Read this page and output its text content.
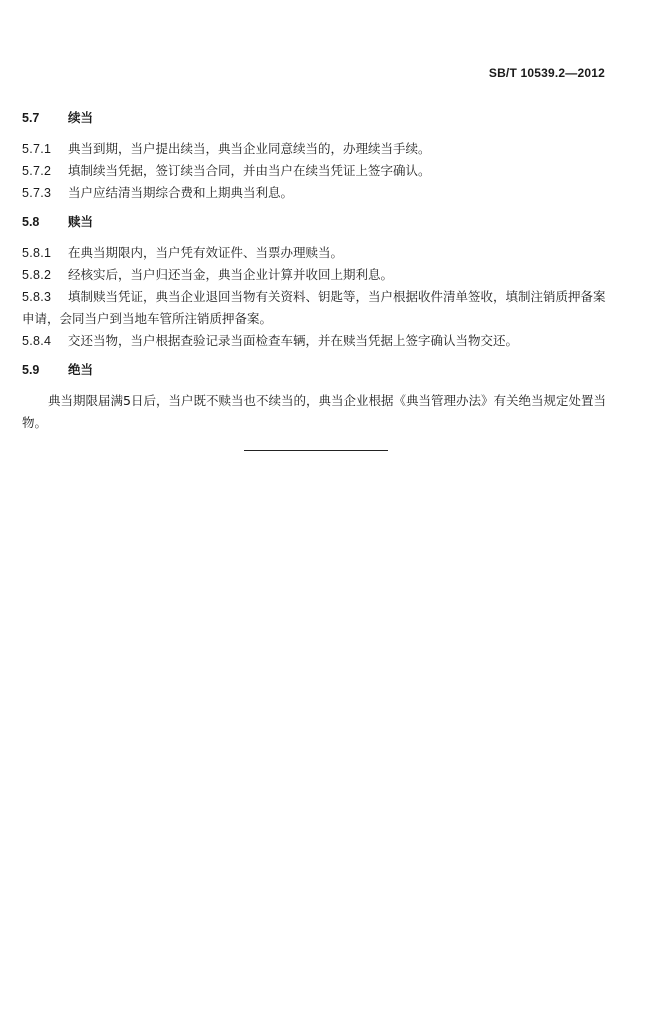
SB/T 10539.2—2012

5.7 续当

5.7.1 典当到期，当户提出续当，典当企业同意续当的，办理续当手续。

5.7.2 填制续当凭据，签订续当合同，并由当户在续当凭证上签字确认。

5.7.3 当户应结清当期综合费和上期典当利息。

5.8 赎当

5.8.1 在典当期限内，当户凭有效证件、当票办理赎当。

5.8.2 经核实后，当户归还当金，典当企业计算并收回上期利息。

5.8.3 填制赎当凭证，典当企业退回当物有关资料、钥匙等，当户根据收件清单签收，填制注销质押备案申请，会同当户到当地车管所注销质押备案。

5.8.4 交还当物，当户根据查验记录当面检查车辆，并在赎当凭据上签字确认当物交还。

5.9 绝当

典当期限届满5日后，当户既不赎当也不续当的，典当企业根据《典当管理办法》有关绝当规定处置当物。
